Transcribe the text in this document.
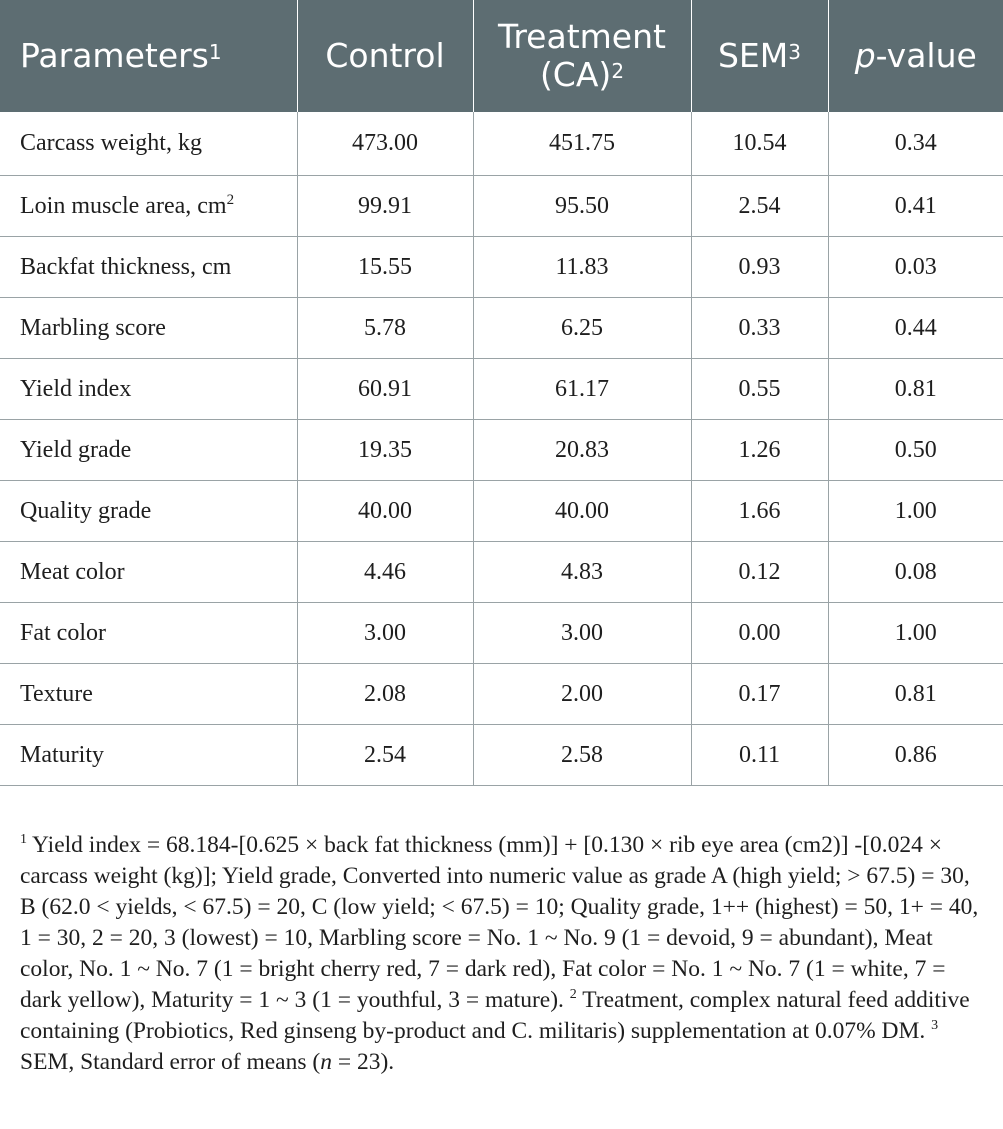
Parameters$^1$	Control	Treatment (CA)$^2$	SEM$^3$	p-value
Carcass weight, kg	473.00	451.75	10.54	0.34
Loin muscle area, $cm^2$	99.91	95.50	2.54	0.41
Backfat thickness, cm	15.55	11.83	0.93	0.03
Marbling score	5.78	6.25	0.33	0.44
Yield index	60.91	61.17	0.55	0.81
Yield grade	19.35	20.83	1.26	0.50
Quality grade	40.00	40.00	1.66	1.00
Meat color	4.46	4.83	0.12	0.08
Fat color	3.00	3.00	0.00	1.00
Texture	2.08	2.00	0.17	0.81
Maturity	2.54	2.58	0.11	0.86
$^1$ Yield index = 68.184-[0.625 × back fat thickness (mm)] + [0.130 × rib eye area (cm2)] -[0.024 × carcass weight (kg)]; Yield grade, Converted into numeric value as grade A (high yield; > 67.5) = 30, B (62.0 < yields, < 67.5) = 20, C (low yield; < 67.5) = 10; Quality grade, 1++ (highest) = 50, 1+ = 40, 1 = 30, 2 = 20, 3 (lowest) = 10, Marbling score = No. 1 ~ No. 9 (1 = devoid, 9 = abundant), Meat color, No. 1 ~ No. 7 (1 = bright cherry red, 7 = dark red), Fat color = No. 1 ~ No. 7 (1 = white, 7 = dark yellow), Maturity = 1 ~ 3 (1 = youthful, 3 = mature). $^2$ Treatment, complex natural feed additive containing (Probiotics, Red ginseng by-product and C. militaris) supplementation at 0.07% DM. $^3$ SEM, Standard error of means (n = 23).
